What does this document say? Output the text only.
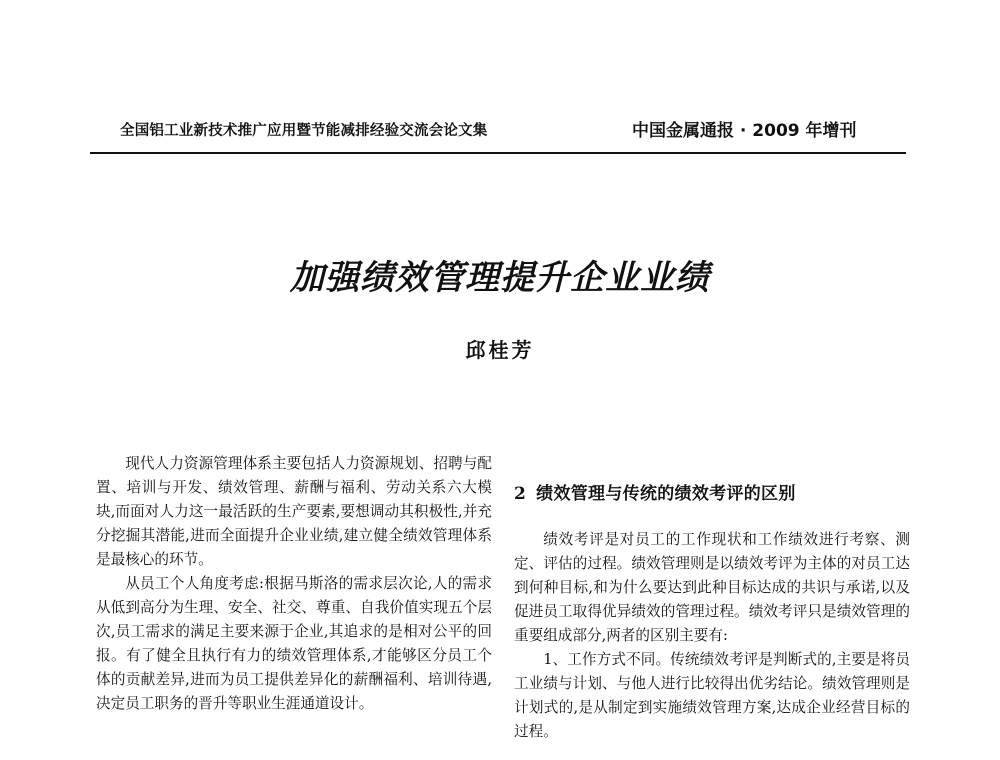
全国铝工业新技术推广应用暨节能减排经验交流会论文集	中国金属通报 · 2009 年增刊
加强绩效管理提升企业业绩
邱桂芳

现代人力资源管理体系主要包括人力资源规划、招聘与配置、培训与开发、绩效管理、薪酬与福利、劳动关系六大模块,而面对人力这一最活跃的生产要素,要想调动其积极性,并充分挖掘其潜能,进而全面提升企业业绩,建立健全绩效管理体系是最核心的环节。

从员工个人角度考虑:根据马斯洛的需求层次论,人的需求从低到高分为生理、安全、社交、尊重、自我价值实现五个层次,员工需求的满足主要来源于企业,其追求的是相对公平的回报。有了健全且执行有力的绩效管理体系,才能够区分员工个体的贡献差异,进而为员工提供差异化的薪酬福利、培训待遇,决定员工职务的晋升等职业生涯通道设计。

2 绩效管理与传统的绩效考评的区别

绩效考评是对员工的工作现状和工作绩效进行考察、测定、评估的过程。绩效管理则是以绩效考评为主体的对员工达到何种目标,和为什么要达到此种目标达成的共识与承诺,以及促进员工取得优异绩效的管理过程。绩效考评只是绩效管理的重要组成部分,两者的区别主要有:

1、工作方式不同。传统绩效考评是判断式的,主要是将员工业绩与计划、与他人进行比较得出优劣结论。绩效管理则是计划式的,是从制定到实施绩效管理方案,达成企业经营目标的过程。
